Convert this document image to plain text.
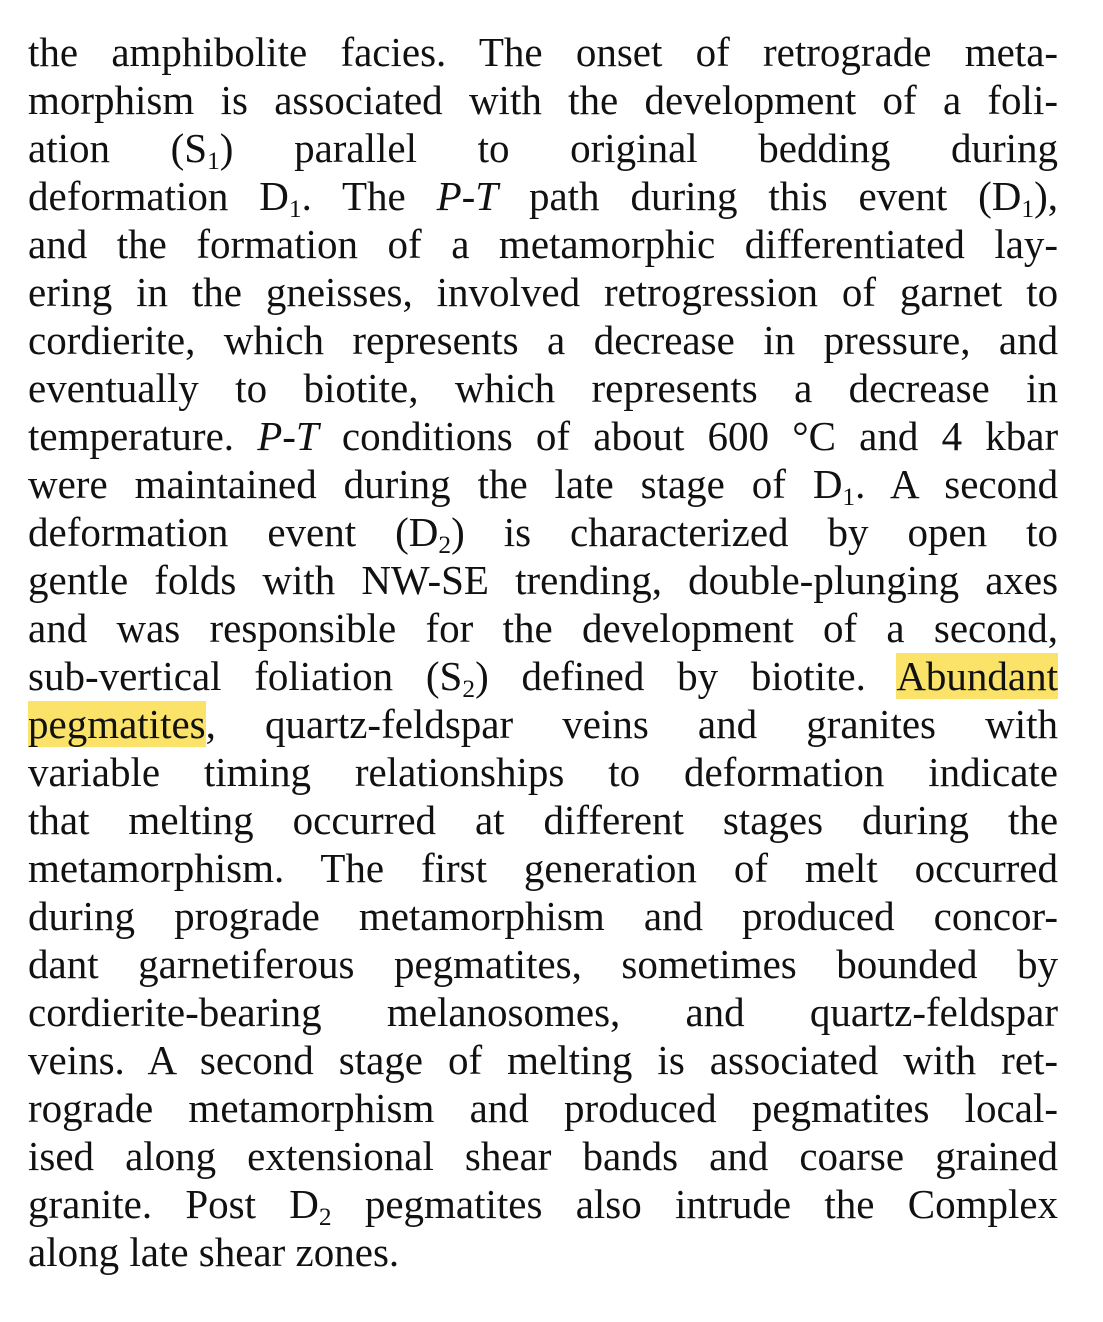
the amphibolite facies. The onset of retrograde meta-
morphism is associated with the development of a foli-
ation $(S_1)$ parallel to original bedding during
deformation $D_1$. The P-T path during this event $(D_1)$,
and the formation of a metamorphic differentiated lay-
ering in the gneisses, involved retrogression of garnet to
cordierite, which represents a decrease in pressure, and
eventually to biotite, which represents a decrease in
temperature. P-T conditions of about 600 °C and 4 kbar
were maintained during the late stage of $D_1$. A second
deformation event $(D_2)$ is characterized by open to
gentle folds with NW-SE trending, double-plunging axes
and was responsible for the development of a second,
sub-vertical foliation $(S_2)$ defined by biotite. Abundant
pegmatites, quartz-feldspar veins and granites with
variable timing relationships to deformation indicate
that melting occurred at different stages during the
metamorphism. The first generation of melt occurred
during prograde metamorphism and produced concor-
dant garnetiferous pegmatites, sometimes bounded by
cordierite-bearing melanosomes, and quartz-feldspar
veins. A second stage of melting is associated with ret-
rograde metamorphism and produced pegmatites local-
ised along extensional shear bands and coarse grained
granite. Post $D_2$ pegmatites also intrude the Complex
along late shear zones.
